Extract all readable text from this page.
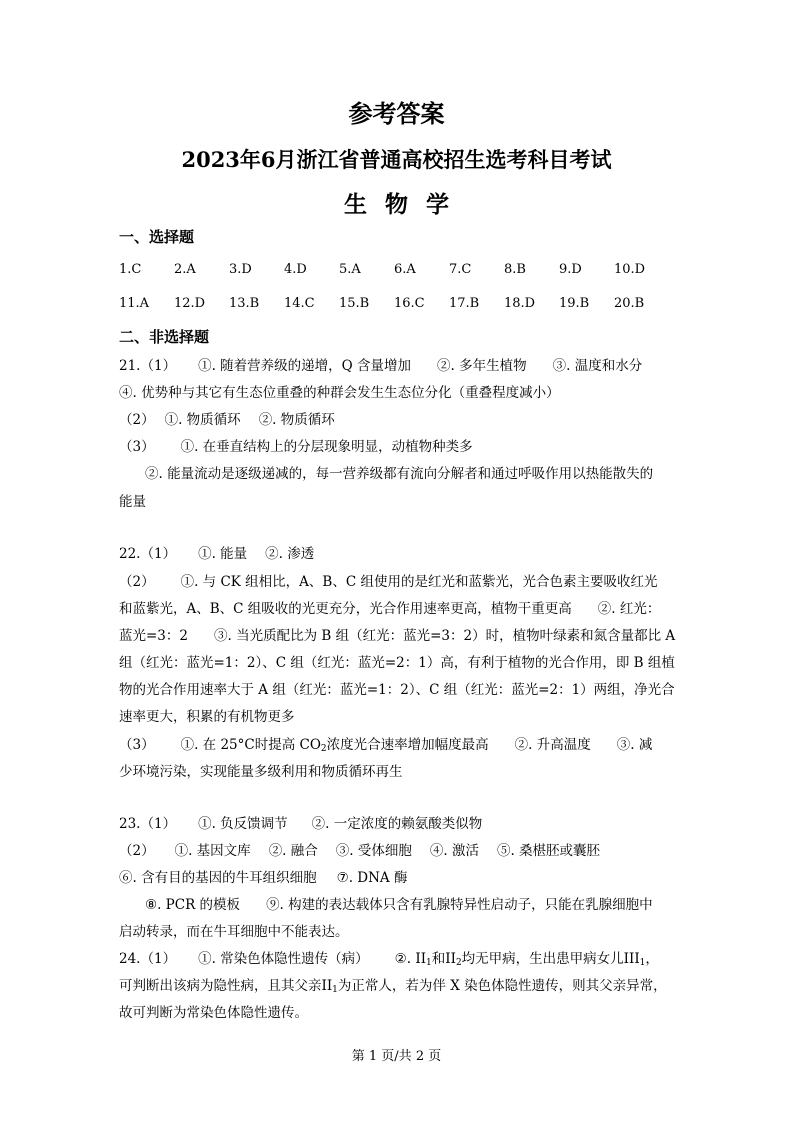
参考答案
2023年6月浙江省普通高校招生选考科目考试
生物学
一、选择题
1.C	2.A	3.D 4.D 5.A	6.A	7.C	8.B	9.D 10.D
11.A 12.D 13.B 14.C 15.B 16.C 17.B 18.D 19.B 20.B
二、非选择题
21.（1） ①. 随着营养级的递增，Q 含量增加 ②. 多年生植物 ③. 温度和水分
④. 优势种与其它有生态位重叠的种群会发生生态位分化（重叠程度减小）
（2） ①. 物质循环 ②. 物质循环
（3） ①. 在垂直结构上的分层现象明显，动植物种类多
②. 能量流动是逐级递减的，每一营养级都有流向分解者和通过呼吸作用以热能散失的
能量
22.（1） ①. 能量 ②. 渗透
（2） ①. 与 CK 组相比，A、B、C 组使用的是红光和蓝紫光，光合色素主要吸收红光
和蓝紫光，A、B、C 组吸收的光更充分，光合作用速率更高，植物干重更高 ②. 红光：
蓝光=3：2 ③. 当光质配比为 B 组（红光：蓝光=3：2）时，植物叶绿素和氮含量都比 A
组（红光：蓝光=1：2）、C 组（红光：蓝光=2：1）高，有利于植物的光合作用，即 B 组植
物的光合作用速率大于 A 组（红光：蓝光=1：2）、C 组（红光：蓝光=2：1）两组，净光合
速率更大，积累的有机物更多
（3） ①. 在 25°C时提高 $CO_2$浓度光合速率增加幅度最高 ②. 升高温度 ③. 减
少环境污染，实现能量多级利用和物质循环再生
23.（1） ①. 负反馈调节 ②. 一定浓度的赖氨酸类似物
（2） ①. 基因文库 ②. 融合 ③. 受体细胞 ④. 激活 ⑤. 桑椹胚或囊胚
⑥. 含有目的基因的牛耳组织细胞 ⑦. DNA 酶
⑧. PCR 的模板 ⑨. 构建的表达载体只含有乳腺特异性启动子，只能在乳腺细胞中
启动转录，而在牛耳细胞中不能表达。
24.（1） ①. 常染色体隐性遗传（病） ②. $II_1$和$II_2$均无甲病，生出患甲病女儿$III_1$，
可判断出该病为隐性病，且其父亲$II_1$为正常人，若为伴 X 染色体隐性遗传，则其父亲异常，
故可判断为常染色体隐性遗传。
第 1 页/共 2 页
